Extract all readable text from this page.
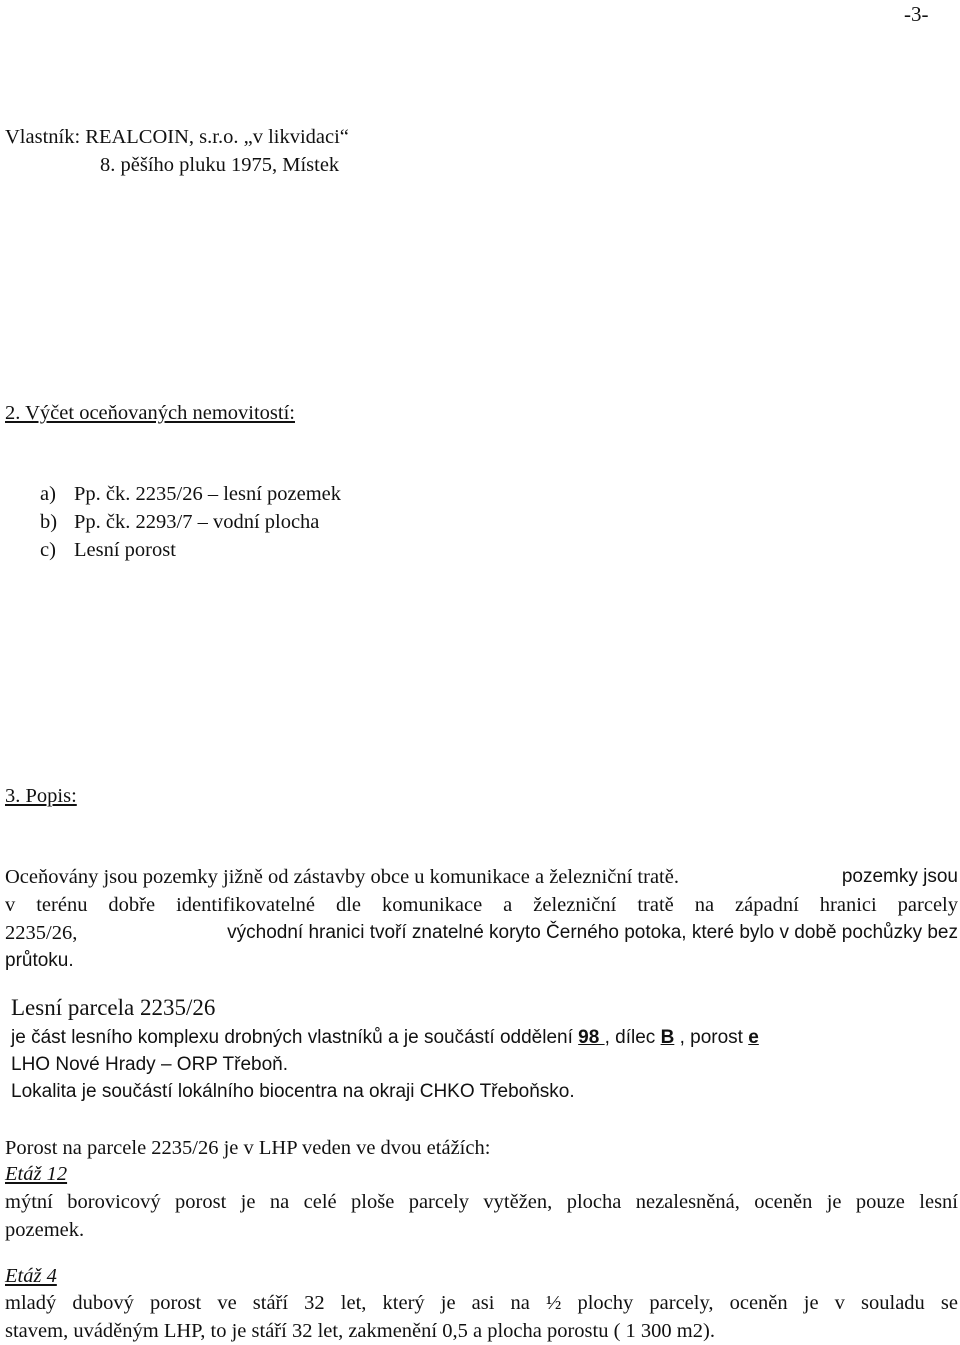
-3-
Vlastník: REALCOIN, s.r.o. „v likvidaci“
8. pěšího pluku 1975, Místek
2. Výčet oceňovaných nemovitostí:
a) Pp. čk. 2235/26 – lesní pozemek
b) Pp. čk. 2293/7 – vodní plocha
c) Lesní porost
3. Popis:
Oceňovány jsou pozemky jižně od zástavby obce u komunikace a železniční tratě.	pozemky jsou
v terénu dobře identifikovatelné dle komunikace a železniční tratě na západní hranici parcely
2235/26,	východní hranici tvoří znatelné koryto Černého potoka, které bylo v době pochůzky bez
průtoku.
Lesní parcela 2235/26
je část lesního komplexu drobných vlastníků a je součástí oddělení 98 , dílec B , porost e
LHO Nové Hrady – ORP Třeboň.
Lokalita je součástí lokálního biocentra na okraji CHKO Třeboňsko.
Porost na parcele 2235/26 je v LHP veden ve dvou etážích:
Etáž 12
mýtní borovicový porost je na celé ploše parcely vytěžen, plocha nezalesněná, oceněn je pouze lesní
pozemek.
Etáž 4
mladý dubový porost ve stáří 32 let, který je asi na ½ plochy parcely, oceněn je v souladu se
stavem, uváděným LHP, to je stáří 32 let, zakmenění 0,5 a plocha porostu ( 1 300 m2).
